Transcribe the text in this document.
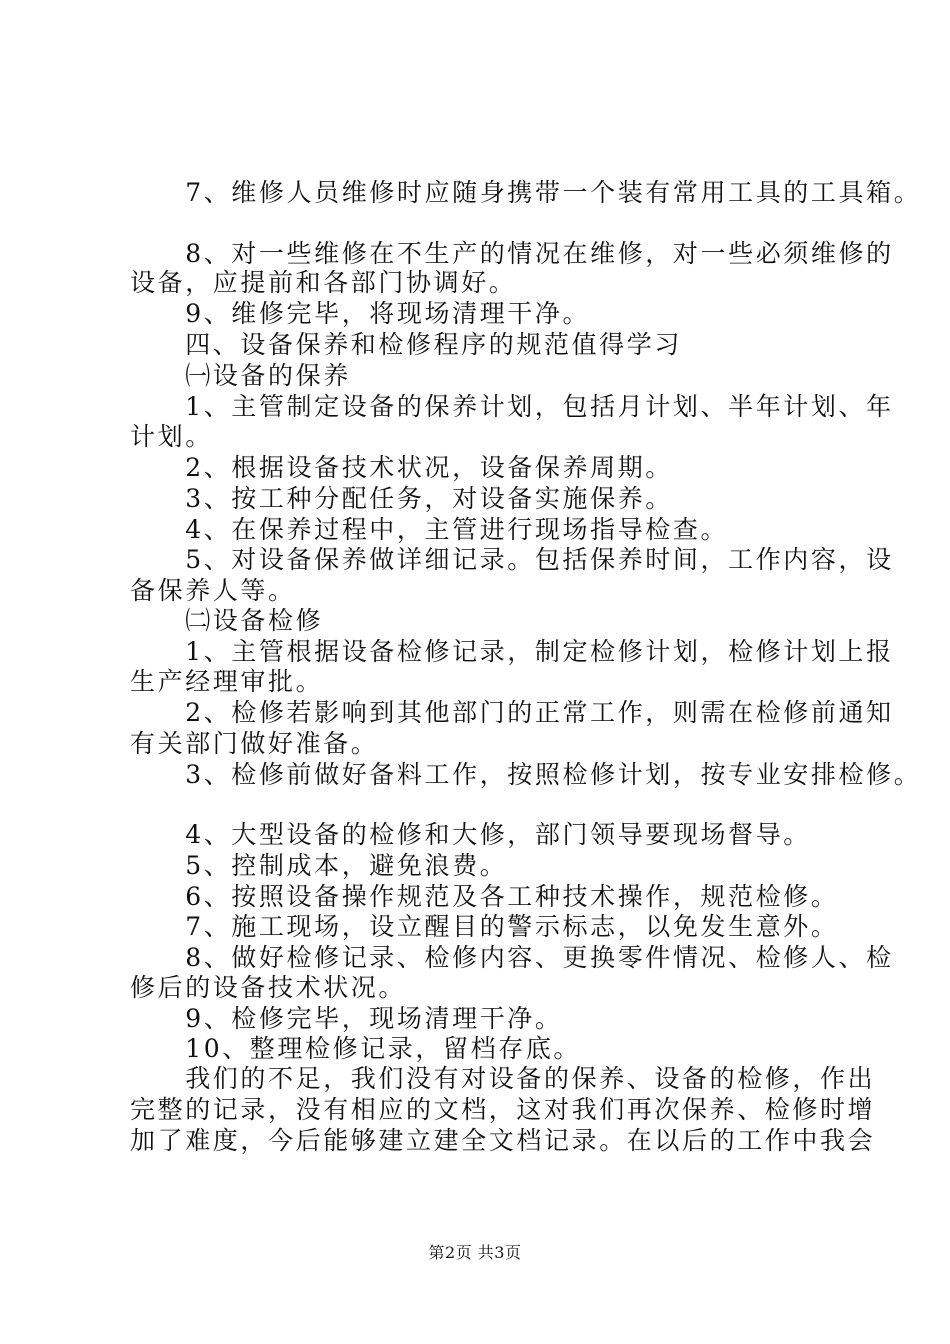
　　7、维修人员维修时应随身携带一个装有常用工具的工具箱。
　　8、对一些维修在不生产的情况在维修，对一些必须维修的
设备，应提前和各部门协调好。
　　9、维修完毕，将现场清理干净。
　　四、设备保养和检修程序的规范值得学习
　　㈠设备的保养
　　1、主管制定设备的保养计划，包括月计划、半年计划、年
计划。
　　2、根据设备技术状况，设备保养周期。
　　3、按工种分配任务，对设备实施保养。
　　4、在保养过程中，主管进行现场指导检查。
　　5、对设备保养做详细记录。包括保养时间，工作内容，设
备保养人等。
　　㈡设备检修
　　1、主管根据设备检修记录，制定检修计划，检修计划上报
生产经理审批。
　　2、检修若影响到其他部门的正常工作，则需在检修前通知
有关部门做好准备。
　　3、检修前做好备料工作，按照检修计划，按专业安排检修。
　　4、大型设备的检修和大修，部门领导要现场督导。
　　5、控制成本，避免浪费。
　　6、按照设备操作规范及各工种技术操作，规范检修。
　　7、施工现场，设立醒目的警示标志，以免发生意外。
　　8、做好检修记录、检修内容、更换零件情况、检修人、检
修后的设备技术状况。
　　9、检修完毕，现场清理干净。
　　10、整理检修记录，留档存底。
　　我们的不足，我们没有对设备的保养、设备的检修，作出
完整的记录，没有相应的文档，这对我们再次保养、检修时增
加了难度，今后能够建立建全文档记录。在以后的工作中我会
第2页 共3页
